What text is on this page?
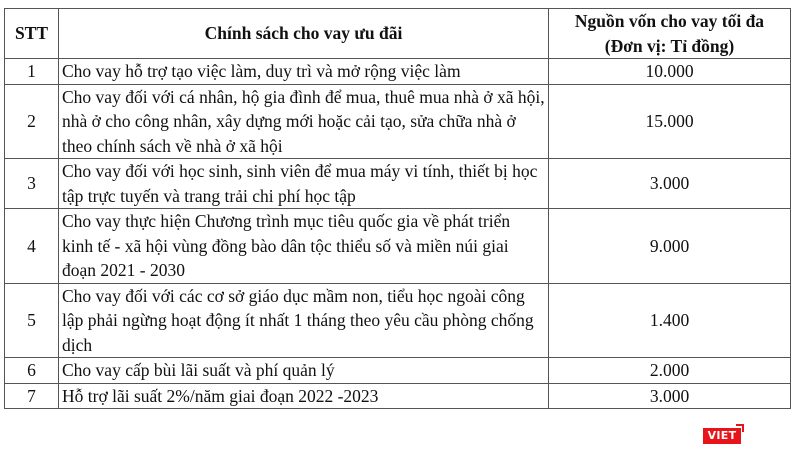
STT	Chính sách cho vay ưu đãi	Nguồn vốn cho vay tối đa
(Đơn vị: Tỉ đồng)

1	Cho vay hỗ trợ tạo việc làm, duy trì và mở rộng việc làm	10.000
2	Cho vay đối với cá nhân, hộ gia đình để mua, thuê mua nhà ở xã hội, nhà ở cho công nhân, xây dựng mới hoặc cải tạo, sửa chữa nhà ở theo chính sách về nhà ở xã hội	15.000
3	Cho vay đối với học sinh, sinh viên để mua máy vi tính, thiết bị học tập trực tuyến và trang trải chi phí học tập	3.000
4	Cho vay thực hiện Chương trình mục tiêu quốc gia về phát triển kinh tế - xã hội vùng đồng bào dân tộc thiểu số và miền núi giai đoạn 2021 - 2030	9.000
5	Cho vay đối với các cơ sở giáo dục mầm non, tiểu học ngoài công lập phải ngừng hoạt động ít nhất 1 tháng theo yêu cầu phòng chống dịch	1.400
6	Cho vay cấp bùi lãi suất và phí quản lý	2.000
7	Hỗ trợ lãi suất 2%/năm giai đoạn 2022 -2023	3.000
VIET
